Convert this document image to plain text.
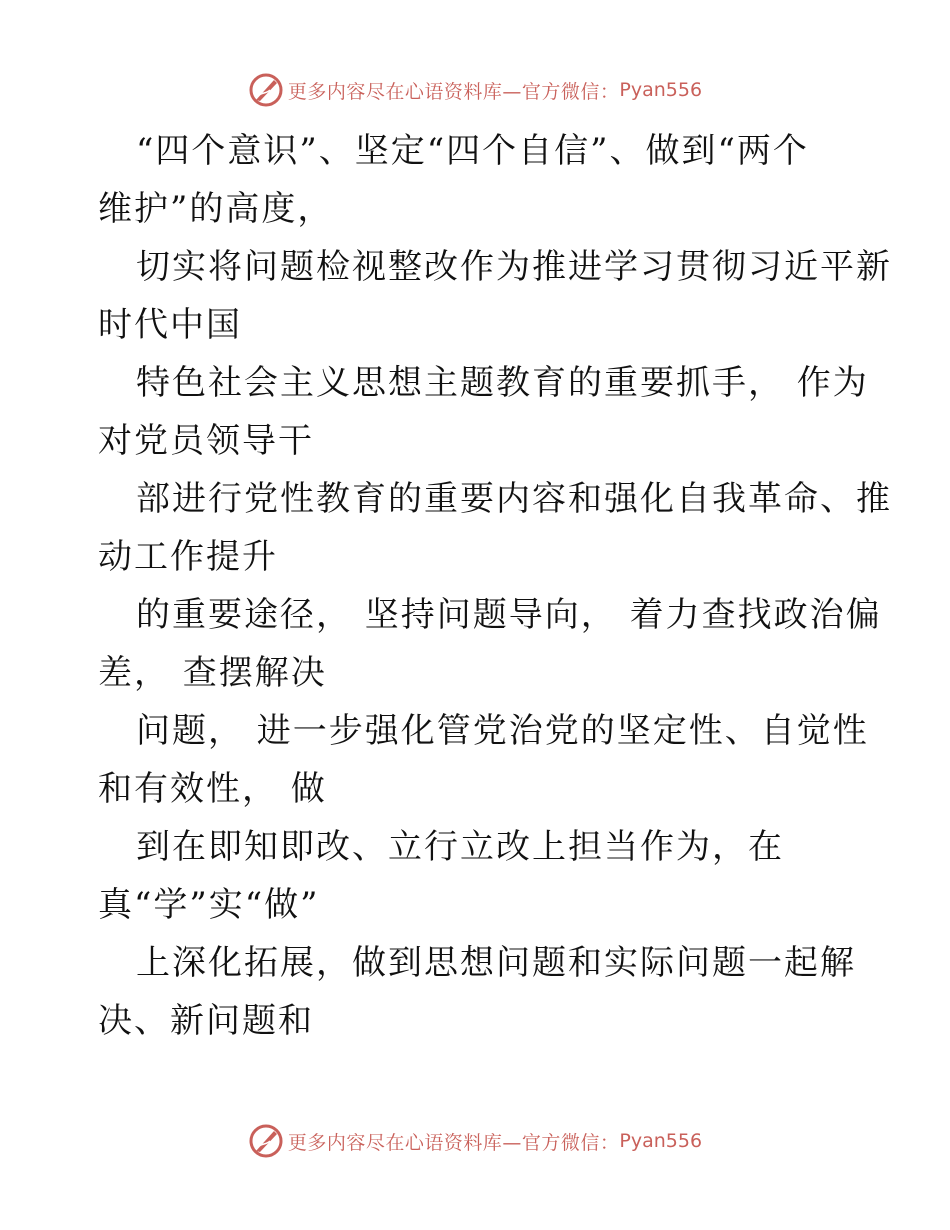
更多内容尽在心语资料库—官方微信： Pyan556
“四个意识”、坚定“四个自信”、做到“两个
维护”的高度，
切实将问题检视整改作为推进学习贯彻习近平新
时代中国
特色社会主义思想主题教育的重要抓手， 作为
对党员领导干
部进行党性教育的重要内容和强化自我革命、推
动工作提升
的重要途径， 坚持问题导向， 着力查找政治偏
差， 查摆解决
问题， 进一步强化管党治党的坚定性、自觉性
和有效性， 做
到在即知即改、立行立改上担当作为，在
真“学”实“做”
上深化拓展，做到思想问题和实际问题一起解
决、新问题和
更多内容尽在心语资料库—官方微信： Pyan556
